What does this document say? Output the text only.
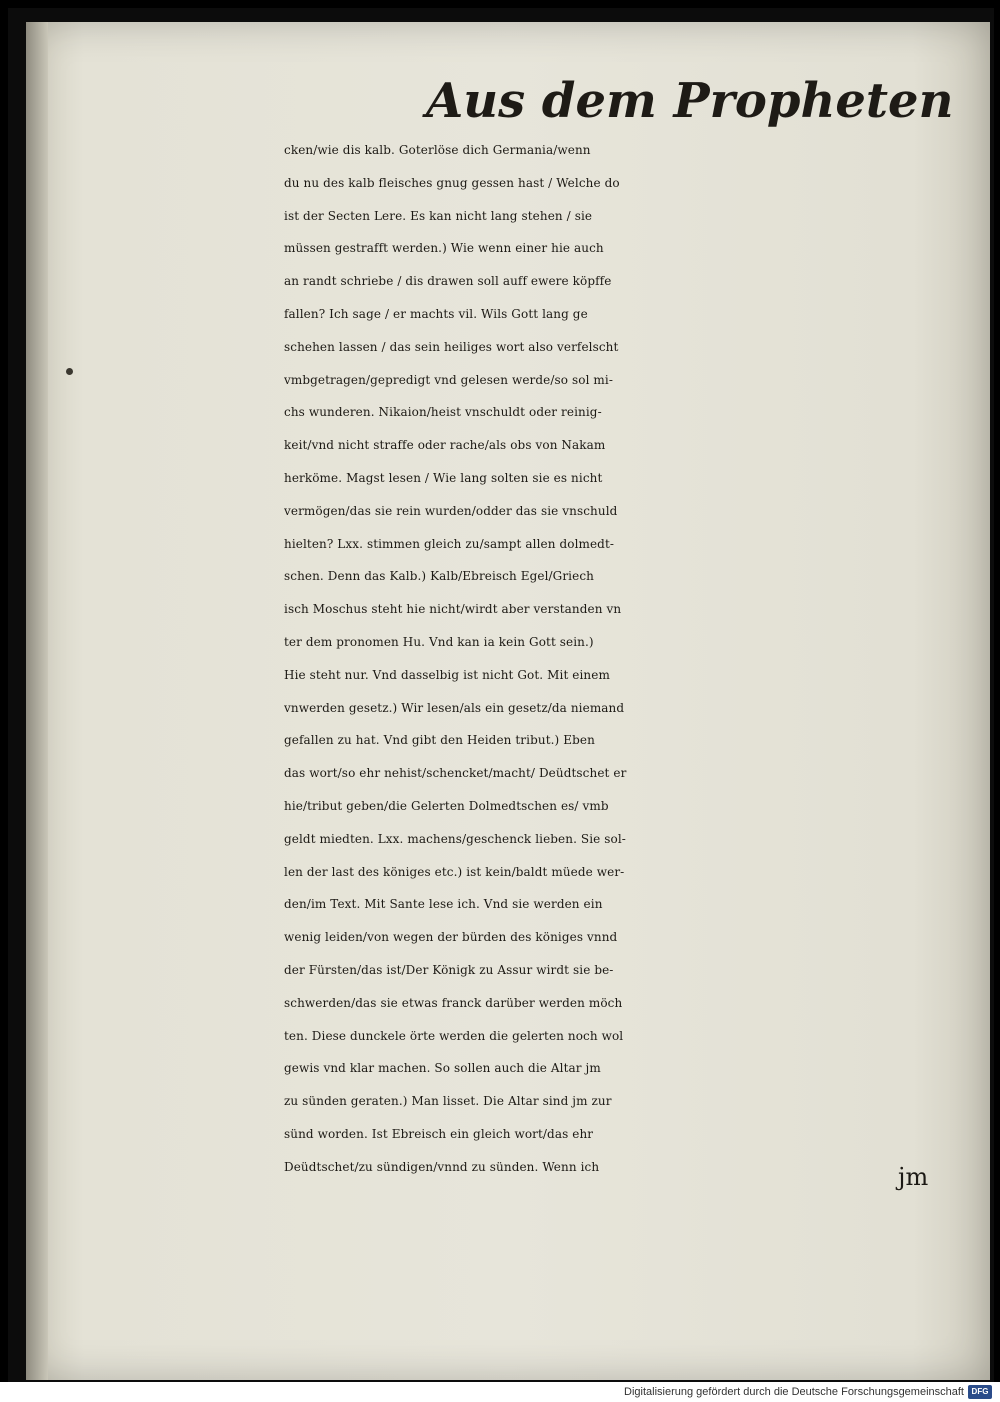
Aus dem Propheten
cken/wie dis kalb. Goterlöse dich Germania/wenn
du nu des kalb fleisches gnug gessen hast / Welche do
ist der Secten Lere. Es kan nicht lang stehen / sie
müssen gestrafft werden.) Wie wenn einer hie auch
an randt schriebe / dis drawen soll auff ewere köpffe
fallen? Ich sage / er machts vil. Wils Gott lang ge
schehen lassen / das sein heiliges wort also verfelscht
vmbgetragen/gepredigt vnd gelesen werde/so sol mi-
chs wunderen. Nikaion/heist vnschuldt oder reinig-
keit/vnd nicht straffe oder rache/als obs von Nakam
herköme. Magst lesen / Wie lang solten sie es nicht
vermögen/das sie rein wurden/odder das sie vnschuld
hielten? Lxx. stimmen gleich zu/sampt allen dolmedt-
schen. Denn das Kalb.) Kalb/Ebreisch Egel/Griech
isch Moschus steht hie nicht/wirdt aber verstanden vn
ter dem pronomen Hu. Vnd kan ia kein Gott sein.)
Hie steht nur. Vnd dasselbig ist nicht Got. Mit einem
vnwerden gesetz.) Wir lesen/als ein gesetz/da niemand
gefallen zu hat. Vnd gibt den Heiden tribut.) Eben
das wort/so ehr nehist/schencket/macht/ Deüdtschet er
hie/tribut geben/die Gelerten Dolmedtschen es/ vmb
geldt miedten. Lxx. machens/geschenck lieben. Sie sol-
len der last des königes etc.) ist kein/baldt müede wer-
den/im Text. Mit Sante lese ich. Vnd sie werden ein
wenig leiden/von wegen der bürden des königes vnnd
der Fürsten/das ist/Der Königk zu Assur wirdt sie be-
schwerden/das sie etwas franck darüber werden möch
ten. Diese dunckele örte werden die gelerten noch wol
gewis vnd klar machen. So sollen auch die Altar jm
zu sünden geraten.) Man lisset. Die Altar sind jm zur
sünd worden. Ist Ebreisch ein gleich wort/das ehr
Deüdtschet/zu sündigen/vnnd zu sünden. Wenn ich	jm
Digitalisierung gefördert durch die Deutsche Forschungsgemeinschaft DFG
